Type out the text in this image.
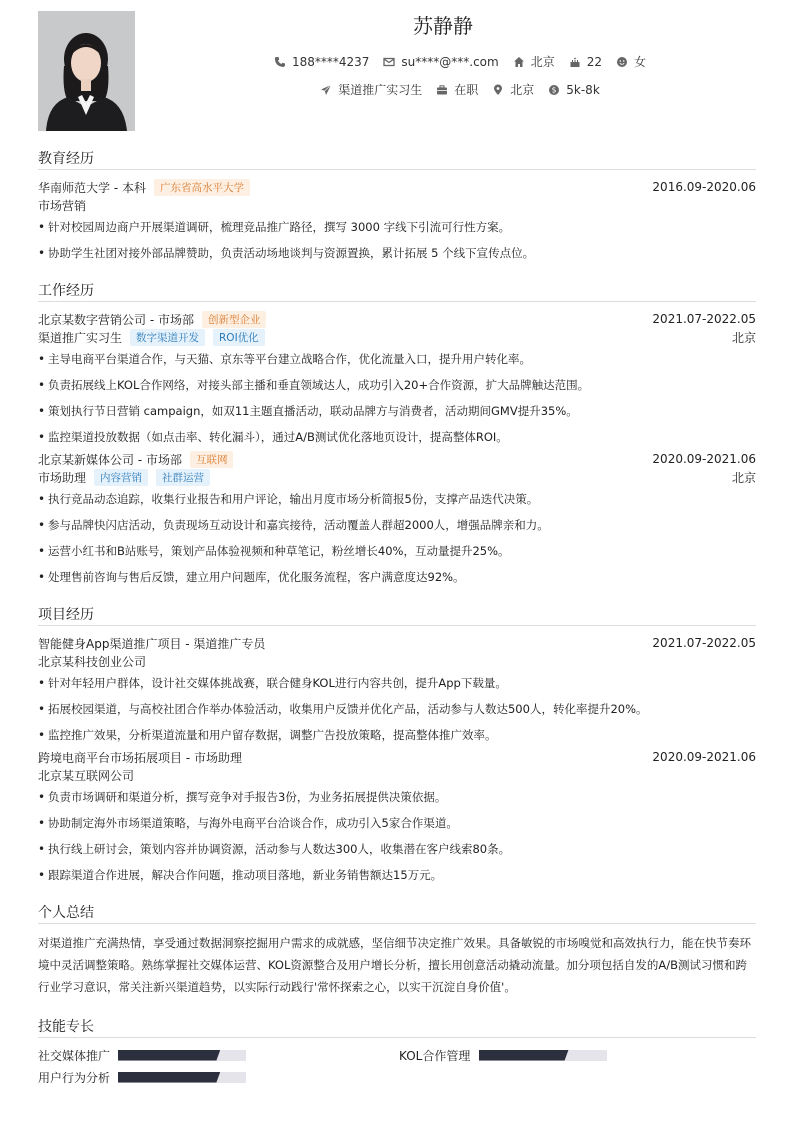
苏静静
188****4237	su****@***.com	北京	22	女
渠道推广实习生	在职	北京 $ 5k-8k
教育经历
华南师范大学 - 本科	广东省高水平大学	2016.09-2020.06
市场营销
• 针对校园周边商户开展渠道调研，梳理竞品推广路径，撰写 3000 字线下引流可行性方案。
• 协助学生社团对接外部品牌赞助，负责活动场地谈判与资源置换，累计拓展 5 个线下宣传点位。
工作经历
北京某数字营销公司 - 市场部	创新型企业	2021.07-2022.05
渠道推广实习生	数字渠道开发	ROI优化	北京
• 主导电商平台渠道合作，与天猫、京东等平台建立战略合作，优化流量入口，提升用户转化率。
• 负责拓展线上KOL合作网络，对接头部主播和垂直领域达人，成功引入20+合作资源，扩大品牌触达范围。
• 策划执行节日营销 campaign，如双11主题直播活动，联动品牌方与消费者，活动期间GMV提升35%。
• 监控渠道投放数据（如点击率、转化漏斗），通过A/B测试优化落地页设计，提高整体ROI。
北京某新媒体公司 - 市场部	互联网	2020.09-2021.06
市场助理	内容营销	社群运营	北京
• 执行竞品动态追踪，收集行业报告和用户评论，输出月度市场分析简报5份，支撑产品迭代决策。
• 参与品牌快闪店活动，负责现场互动设计和嘉宾接待，活动覆盖人群超2000人，增强品牌亲和力。
• 运营小红书和B站账号，策划产品体验视频和种草笔记，粉丝增长40%，互动量提升25%。
• 处理售前咨询与售后反馈，建立用户问题库，优化服务流程，客户满意度达92%。
项目经历
智能健身App渠道推广项目 - 渠道推广专员	2021.07-2022.05
北京某科技创业公司
• 针对年轻用户群体，设计社交媒体挑战赛，联合健身KOL进行内容共创，提升App下载量。
• 拓展校园渠道，与高校社团合作举办体验活动，收集用户反馈并优化产品，活动参与人数达500人，转化率提升20%。
• 监控推广效果，分析渠道流量和用户留存数据，调整广告投放策略，提高整体推广效率。
跨境电商平台市场拓展项目 - 市场助理	2020.09-2021.06
北京某互联网公司
• 负责市场调研和渠道分析，撰写竞争对手报告3份，为业务拓展提供决策依据。
• 协助制定海外市场渠道策略，与海外电商平台洽谈合作，成功引入5家合作渠道。
• 执行线上研讨会，策划内容并协调资源，活动参与人数达300人，收集潜在客户线索80条。
• 跟踪渠道合作进展，解决合作问题，推动项目落地，新业务销售额达15万元。
个人总结

对渠道推广充满热情，享受通过数据洞察挖掘用户需求的成就感，坚信细节决定推广效果。具备敏锐的市场嗅觉和高效执行力，能在快节奏环境中灵活调整策略。熟练掌握社交媒体运营、KOL资源整合及用户增长分析，擅长用创意活动撬动流量。加分项包括自发的A/B测试习惯和跨行业学习意识，常关注新兴渠道趋势，以实际行动践行'常怀探索之心，以实干沉淀自身价值'。

技能专长
社交媒体推广	KOL合作管理
用户行为分析
